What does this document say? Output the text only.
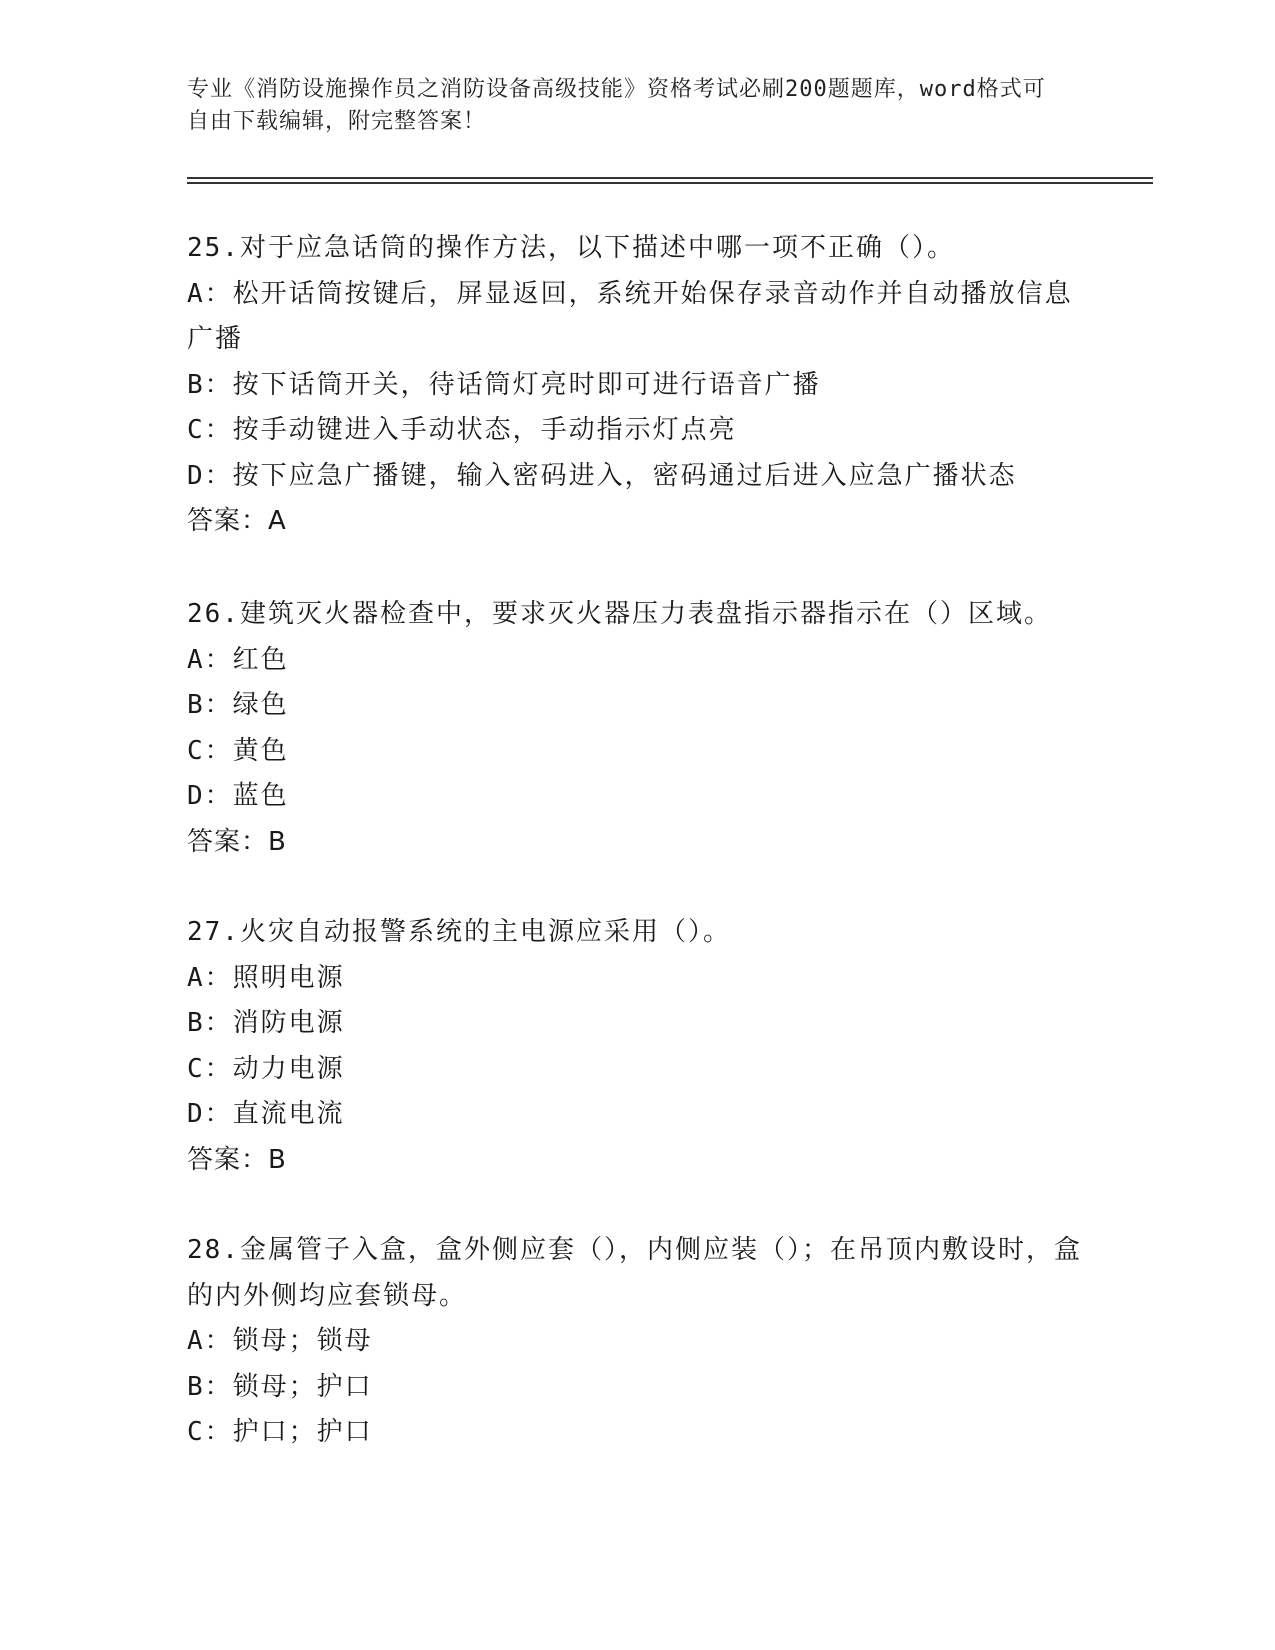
专业《消防设施操作员之消防设备高级技能》资格考试必刷200题题库，word格式可自由下载编辑，附完整答案！
25.对于应急话筒的操作方法，以下描述中哪一项不正确（）。
A：松开话筒按键后，屏显返回，系统开始保存录音动作并自动播放信息广播
B：按下话筒开关，待话筒灯亮时即可进行语音广播
C：按手动键进入手动状态，手动指示灯点亮
D：按下应急广播键，输入密码进入，密码通过后进入应急广播状态
答案：A
26.建筑灭火器检查中，要求灭火器压力表盘指示器指示在（）区域。
A：红色
B：绿色
C：黄色
D：蓝色
答案：B
27.火灾自动报警系统的主电源应采用（）。
A：照明电源
B：消防电源
C：动力电源
D：直流电流
答案：B
28.金属管子入盒，盒外侧应套（），内侧应装（）；在吊顶内敷设时，盒的内外侧均应套锁母。
A：锁母；锁母
B：锁母；护口
C：护口；护口
